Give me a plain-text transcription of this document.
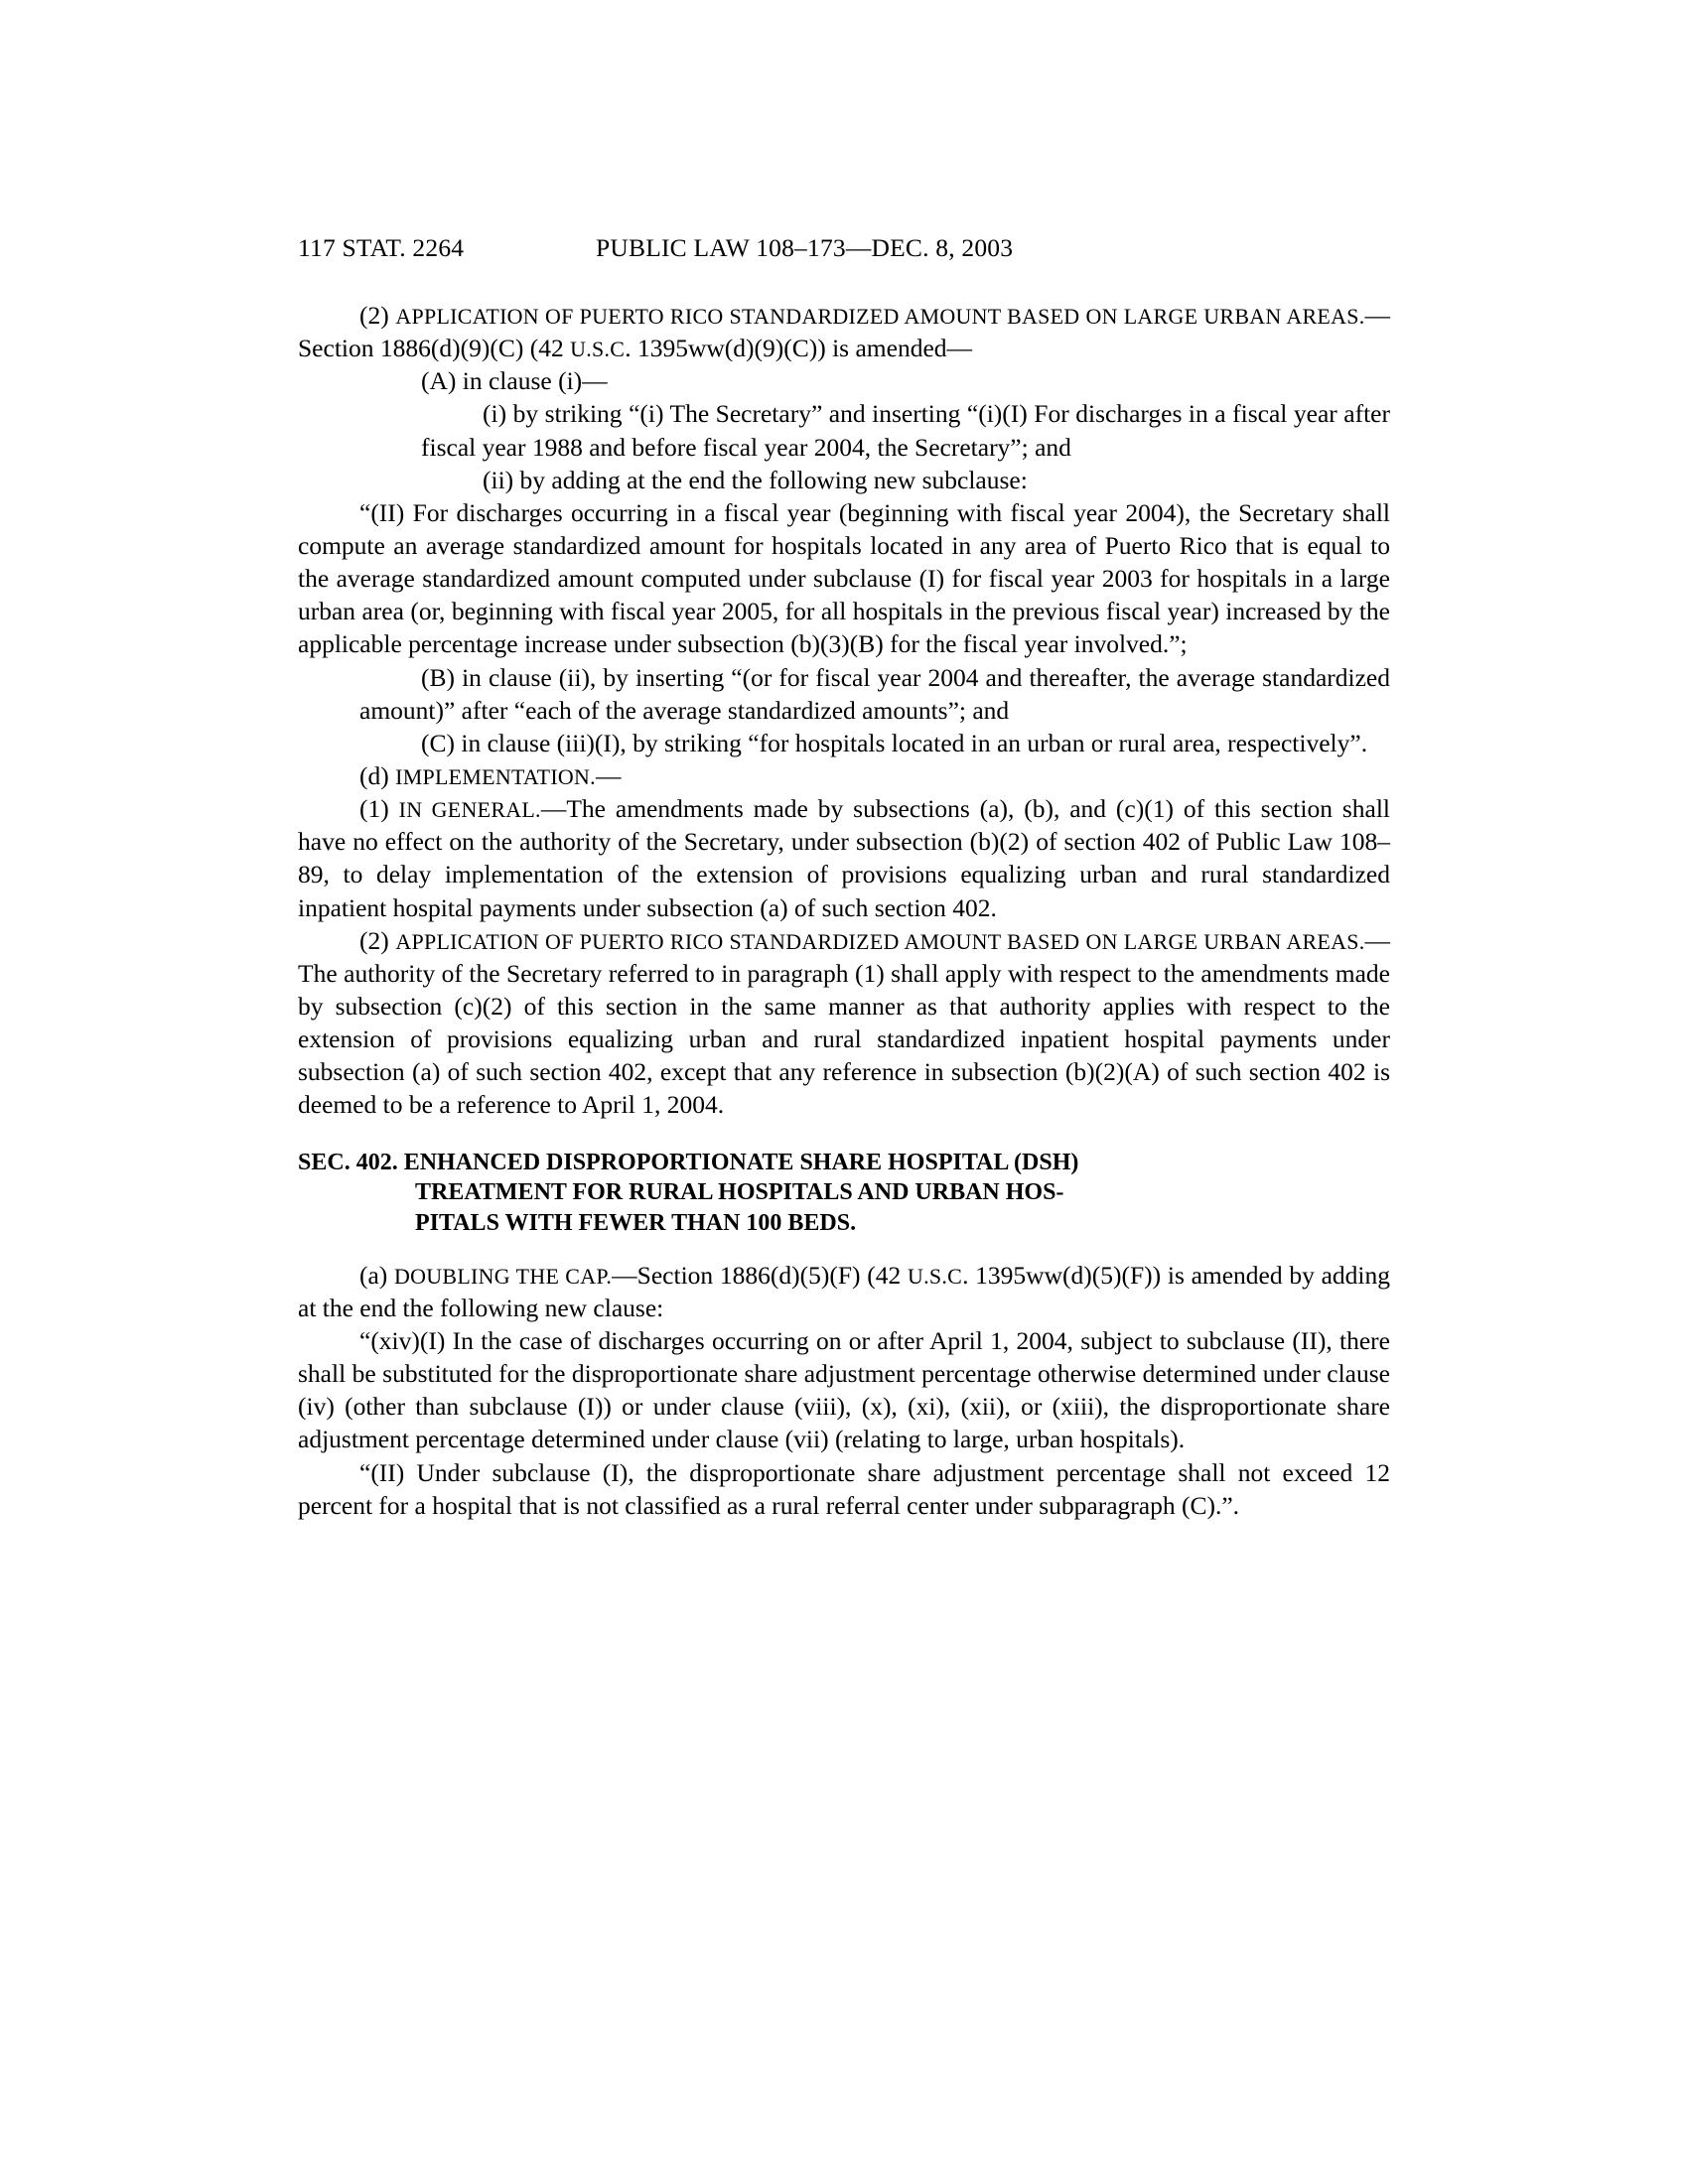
117 STAT. 2264	PUBLIC LAW 108–173—DEC. 8, 2003

(2) APPLICATION OF PUERTO RICO STANDARDIZED AMOUNT BASED ON LARGE URBAN AREAS.—Section 1886(d)(9)(C) (42 U.S.C. 1395ww(d)(9)(C)) is amended—

(A) in clause (i)—

(i) by striking “(i) The Secretary” and inserting “(i)(I) For discharges in a fiscal year after fiscal year 1988 and before fiscal year 2004, the Secretary”; and

(ii) by adding at the end the following new subclause:

“(II) For discharges occurring in a fiscal year (beginning with fiscal year 2004), the Secretary shall compute an average standardized amount for hospitals located in any area of Puerto Rico that is equal to the average standardized amount computed under subclause (I) for fiscal year 2003 for hospitals in a large urban area (or, beginning with fiscal year 2005, for all hospitals in the previous fiscal year) increased by the applicable percentage increase under subsection (b)(3)(B) for the fiscal year involved.”;

(B) in clause (ii), by inserting “(or for fiscal year 2004 and thereafter, the average standardized amount)” after “each of the average standardized amounts”; and

(C) in clause (iii)(I), by striking “for hospitals located in an urban or rural area, respectively”.

(d) IMPLEMENTATION.—

(1) IN GENERAL.—The amendments made by subsections (a), (b), and (c)(1) of this section shall have no effect on the authority of the Secretary, under subsection (b)(2) of section 402 of Public Law 108–89, to delay implementation of the extension of provisions equalizing urban and rural standardized inpatient hospital payments under subsection (a) of such section 402.

(2) APPLICATION OF PUERTO RICO STANDARDIZED AMOUNT BASED ON LARGE URBAN AREAS.—The authority of the Secretary referred to in paragraph (1) shall apply with respect to the amendments made by subsection (c)(2) of this section in the same manner as that authority applies with respect to the extension of provisions equalizing urban and rural standardized inpatient hospital payments under subsection (a) of such section 402, except that any reference in subsection (b)(2)(A) of such section 402 is deemed to be a reference to April 1, 2004.

SEC. 402. ENHANCED DISPROPORTIONATE SHARE HOSPITAL (DSH)
TREATMENT FOR RURAL HOSPITALS AND URBAN HOS-
PITALS WITH FEWER THAN 100 BEDS.

(a) DOUBLING THE CAP.—Section 1886(d)(5)(F) (42 U.S.C. 1395ww(d)(5)(F)) is amended by adding at the end the following new clause:

“(xiv)(I) In the case of discharges occurring on or after April 1, 2004, subject to subclause (II), there shall be substituted for the disproportionate share adjustment percentage otherwise determined under clause (iv) (other than subclause (I)) or under clause (viii), (x), (xi), (xii), or (xiii), the disproportionate share adjustment percentage determined under clause (vii) (relating to large, urban hospitals).

“(II) Under subclause (I), the disproportionate share adjustment percentage shall not exceed 12 percent for a hospital that is not classified as a rural referral center under subparagraph (C).”.
